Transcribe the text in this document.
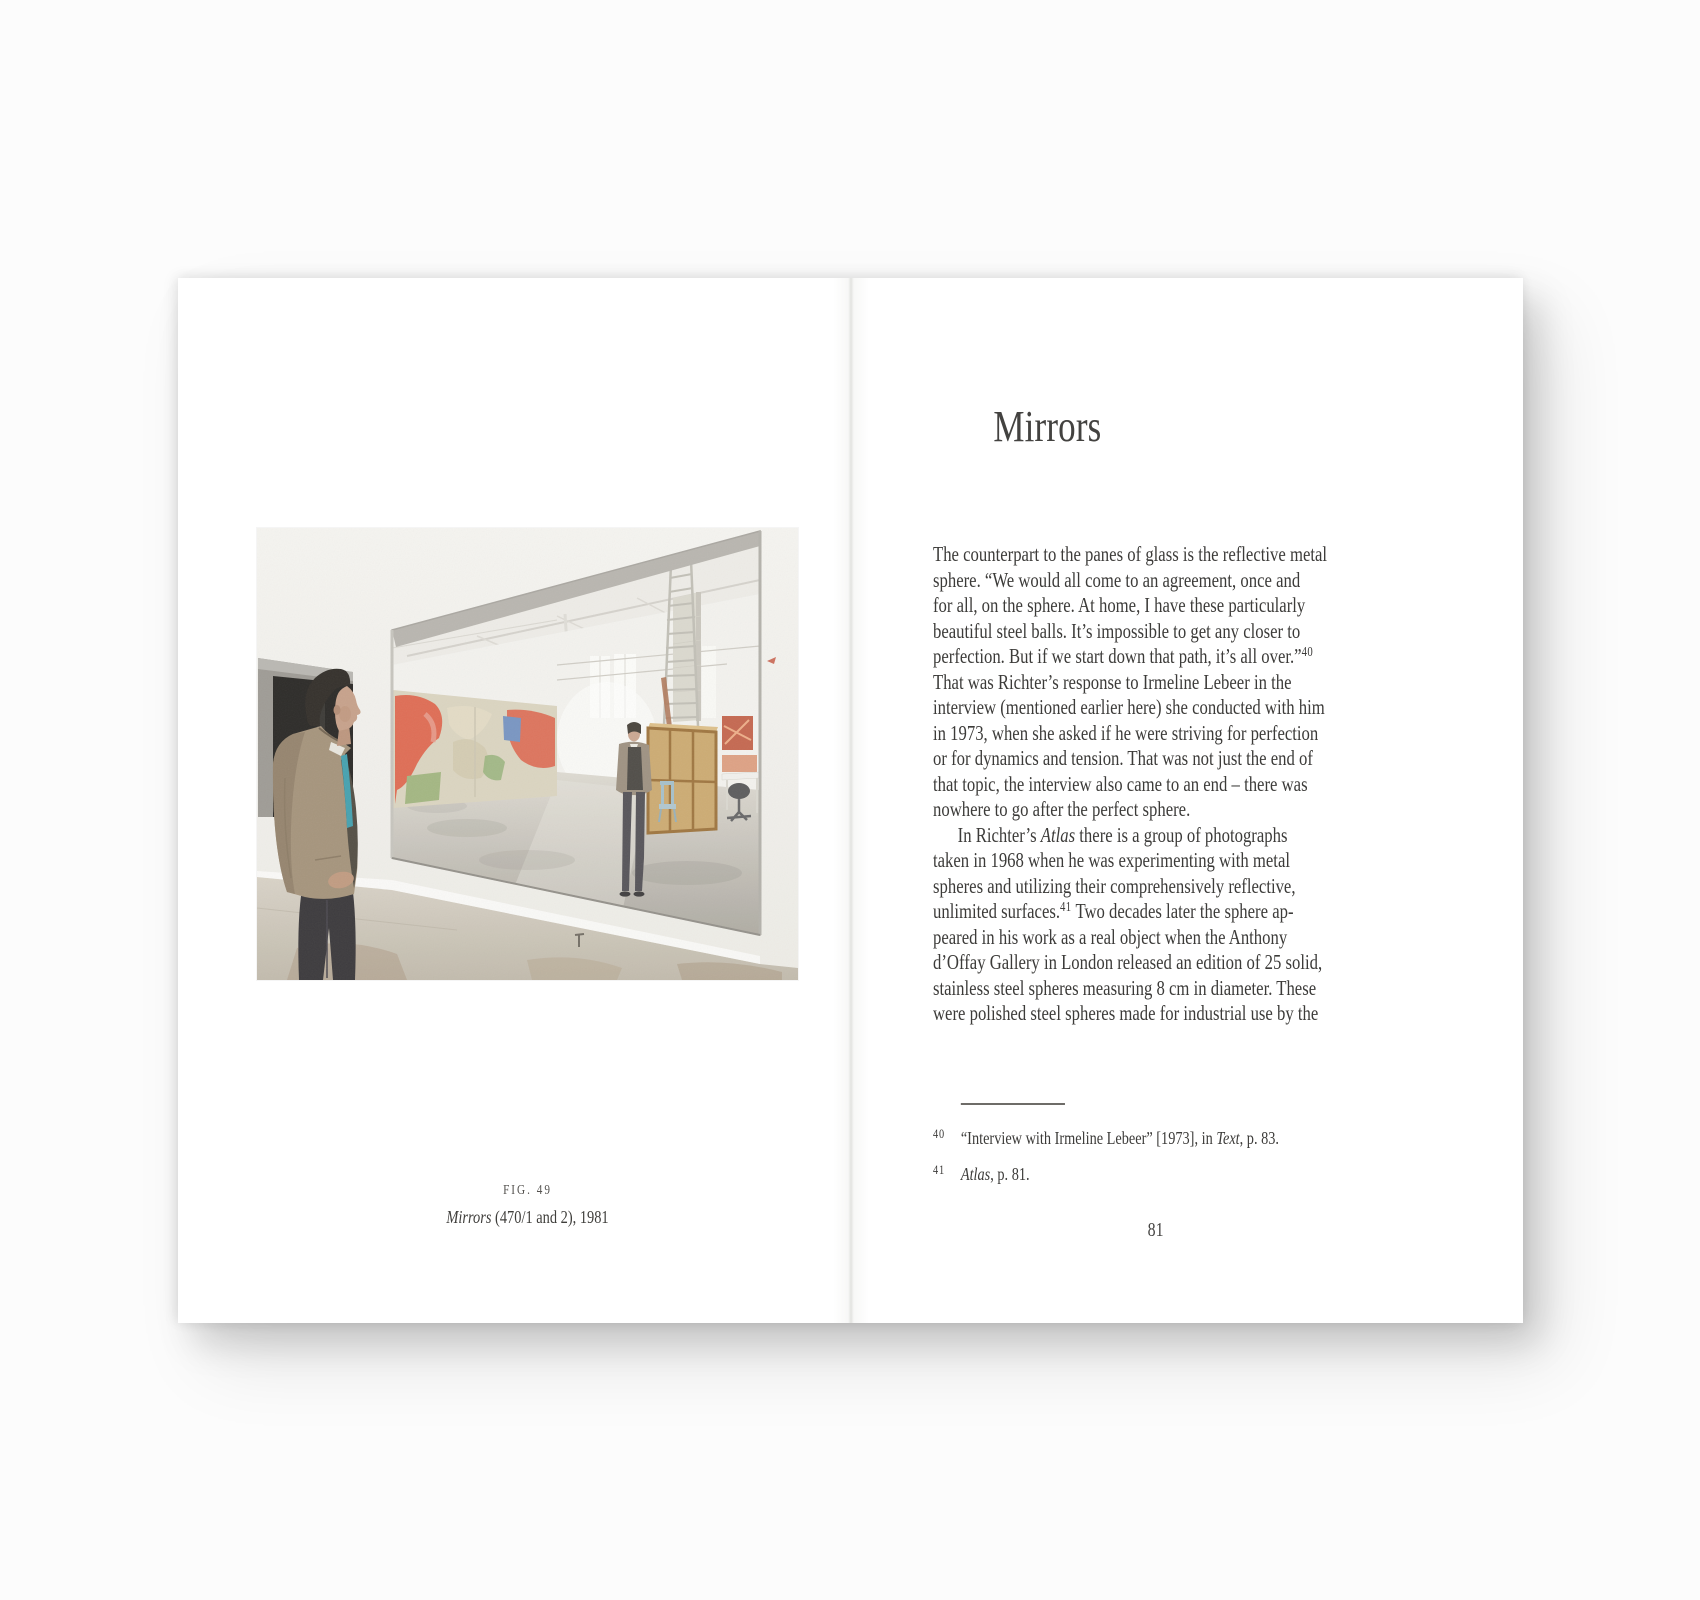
FIG. 49
Mirrors (470/1 and 2), 1981
Mirrors
The counterpart to the panes of glass is the reflective metal
sphere. “We would all come to an agreement, once and
for all, on the sphere. At home, I have these particularly
beautiful steel balls. It’s impossible to get any closer to
perfection. But if we start down that path, it’s all over.”$^{40}$
That was Richter’s response to Irmeline Lebeer in the
interview (mentioned earlier here) she conducted with him
in 1973, when she asked if he were striving for perfection
or for dynamics and tension. That was not just the end of
that topic, the interview also came to an end – there was
nowhere to go after the perfect sphere.
In Richter’s Atlas there is a group of photographs
taken in 1968 when he was experimenting with metal
spheres and utilizing their comprehensively reflective,
unlimited surfaces.$^{41}$ Two decades later the sphere ap-
peared in his work as a real object when the Anthony
d’Offay Gallery in London released an edition of 25 solid,
stainless steel spheres measuring 8 cm in diameter. These
were polished steel spheres made for industrial use by the
40 “Interview with Irmeline Lebeer” [1973], in Text, p. 83.
41 Atlas, p. 81.
81
